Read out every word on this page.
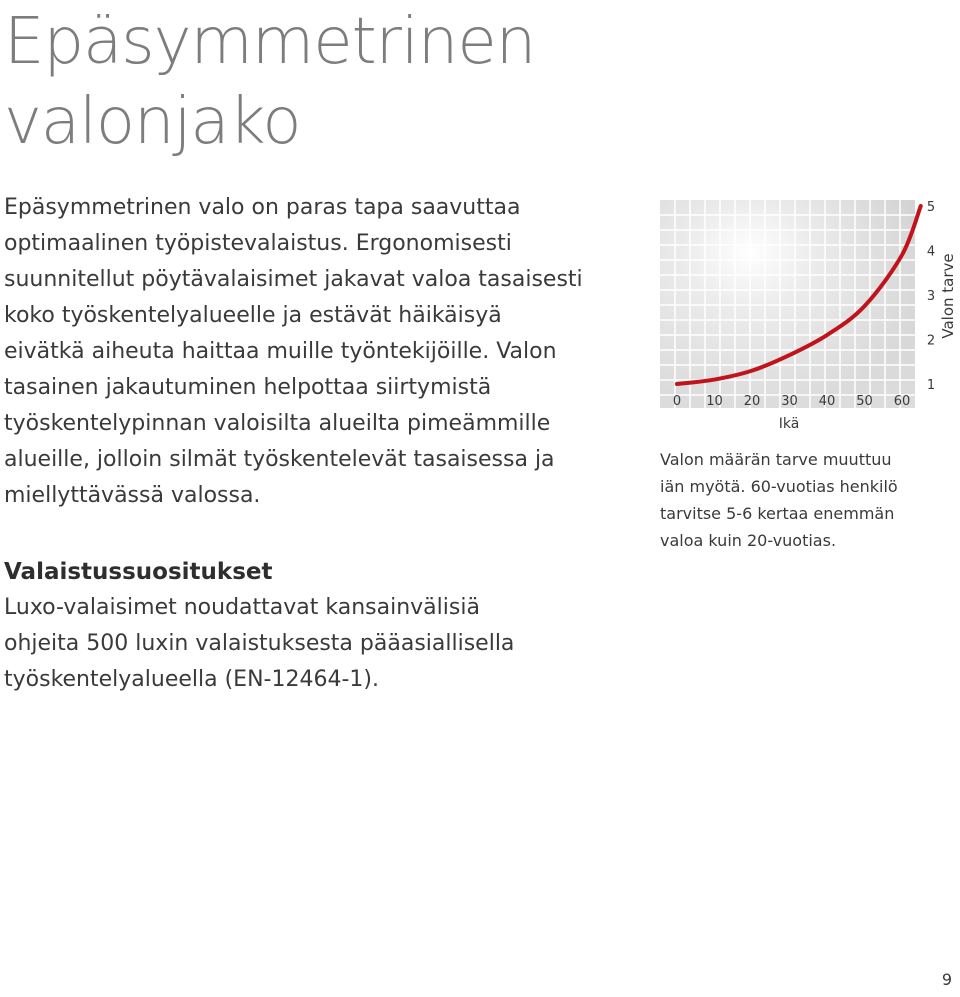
Epäsymmetrinen
valonjako

Epäsymmetrinen valo on paras tapa saavuttaa
optimaalinen työpistevalaistus. Ergonomisesti
suunnitellut pöytävalaisimet jakavat valoa tasaisesti
koko työskentelyalueelle ja estävät häikäisyä
eivätkä aiheuta haittaa muille työntekijöille. Valon
tasainen jakautuminen helpottaa siirtymistä
työskentelypinnan valoisilta alueilta pimeämmille
alueille, jolloin silmät työskentelevät tasaisessa ja
miellyttävässä valossa.

Valaistussuositukset

Luxo-valaisimet noudattavat kansainvälisiä
ohjeita 500 luxin valaistuksesta pääasiallisella
työskentelyalueella (EN-12464-1).

0 10 20 30 40 50 60
1
2
3
4
5
Ikä
Valon tarve

Valon määrän tarve muuttuu
iän myötä. 60-vuotias henkilö
tarvitse 5-6 kertaa enemmän
valoa kuin 20-vuotias.

9
